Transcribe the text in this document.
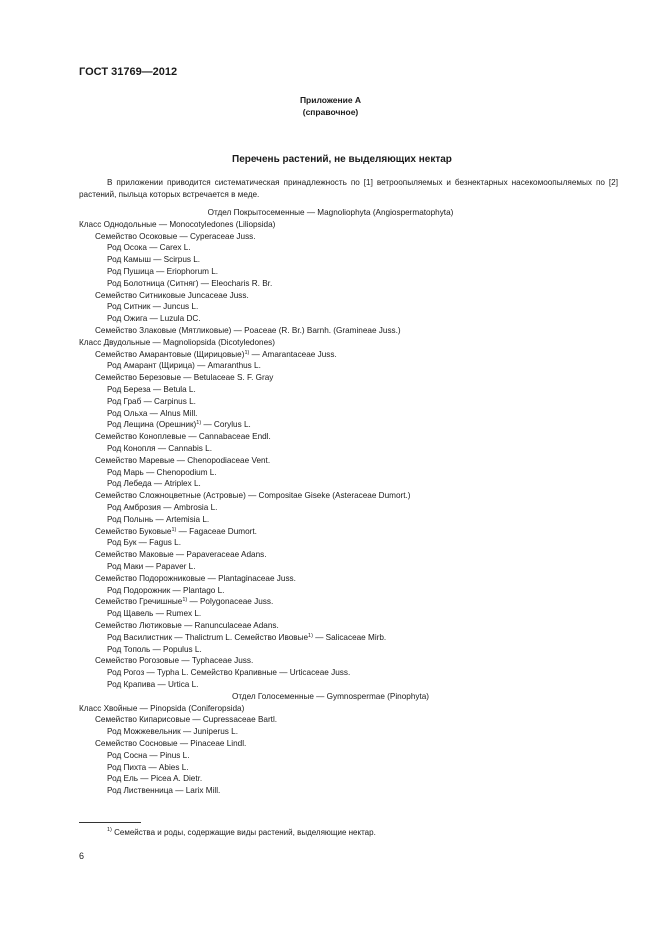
ГОСТ 31769—2012
Приложение А
(справочное)
Перечень растений, не выделяющих нектар
В приложении приводится систематическая принадлежность по [1] ветроопыляемых и безнектарных насекомоопыляемых по [2] растений, пыльца которых встречается в меде.
Отдел Покрытосеменные — Magnoliophyta (Angiospermatophyta)
Класс Однодольные — Monocotyledones (Liliopsida)
Семейство Осоковые — Cyperaceae Juss.
Род Осока — Carex L.
Род Камыш — Scirpus L.
Род Пушица — Eriophorum L.
Род Болотница (Ситняг) — Eleocharis R. Br.
Семейство Ситниковые Juncaceae Juss.
Род Ситник — Juncus L.
Род Ожига — Luzula DC.
Семейство Злаковые (Мятликовые) — Poaceae (R. Br.) Barnh. (Gramineae Juss.)
Класс Двудольные — Magnoliopsida (Dicotyledones)
Семейство Амарантовые (Щирицовые)$^{1)}$ — Amarantaceae Juss.
Род Амарант (Щирица) — Amaranthus L.
Семейство Березовые — Betulaceae S. F. Gray
Род Береза — Betula L.
Род Граб — Carpinus L.
Род Ольха — Alnus Mill.
Род Лещина (Орешник)$^{1)}$ — Corylus L.
Семейство Коноплевые — Cannabaceae Endl.
Род Конопля — Cannabis L.
Семейство Маревые — Chenopodiaceae Vent.
Род Марь — Chenopodium L.
Род Лебеда — Atriplex L.
Семейство Сложноцветные (Астровые) — Compositae Giseke (Asteraceae Dumort.)
Род Амброзия — Ambrosia L.
Род Полынь — Artemisia L.
Семейство Буковые$^{1)}$ — Fagaceae Dumort.
Род Бук — Fagus L.
Семейство Маковые — Papaveraceae Adans.
Род Маки — Papaver L.
Семейство Подорожниковые — Plantaginaceae Juss.
Род Подорожник — Plantago L.
Семейство Гречишные$^{1)}$ — Polygonaceae Juss.
Род Щавель — Rumex L.
Семейство Лютиковые — Ranunculaceae Adans.
Род Василистник — Thalictrum L. Семейство Ивовые$^{1)}$ — Salicaceae Mirb.
Род Тополь — Populus L.
Семейство Рогозовые — Typhaceae Juss.
Род Рогоз — Typha L. Семейство Крапивные — Urticaceae Juss.
Род Крапива — Urtica L.
Отдел Голосеменные — Gymnospermae (Pinophyta)
Класс Хвойные — Pinopsida (Coniferopsida)
Семейство Кипарисовые — Cupressaceae Bartl.
Род Можжевельник — Juniperus L.
Семейство Сосновые — Pinaceae Lindl.
Род Сосна — Pinus L.
Род Пихта — Abies L.
Род Ель — Picea A. Dietr.
Род Лиственница — Larix Mill.
$^{1)}$ Семейства и роды, содержащие виды растений, выделяющие нектар.
6
